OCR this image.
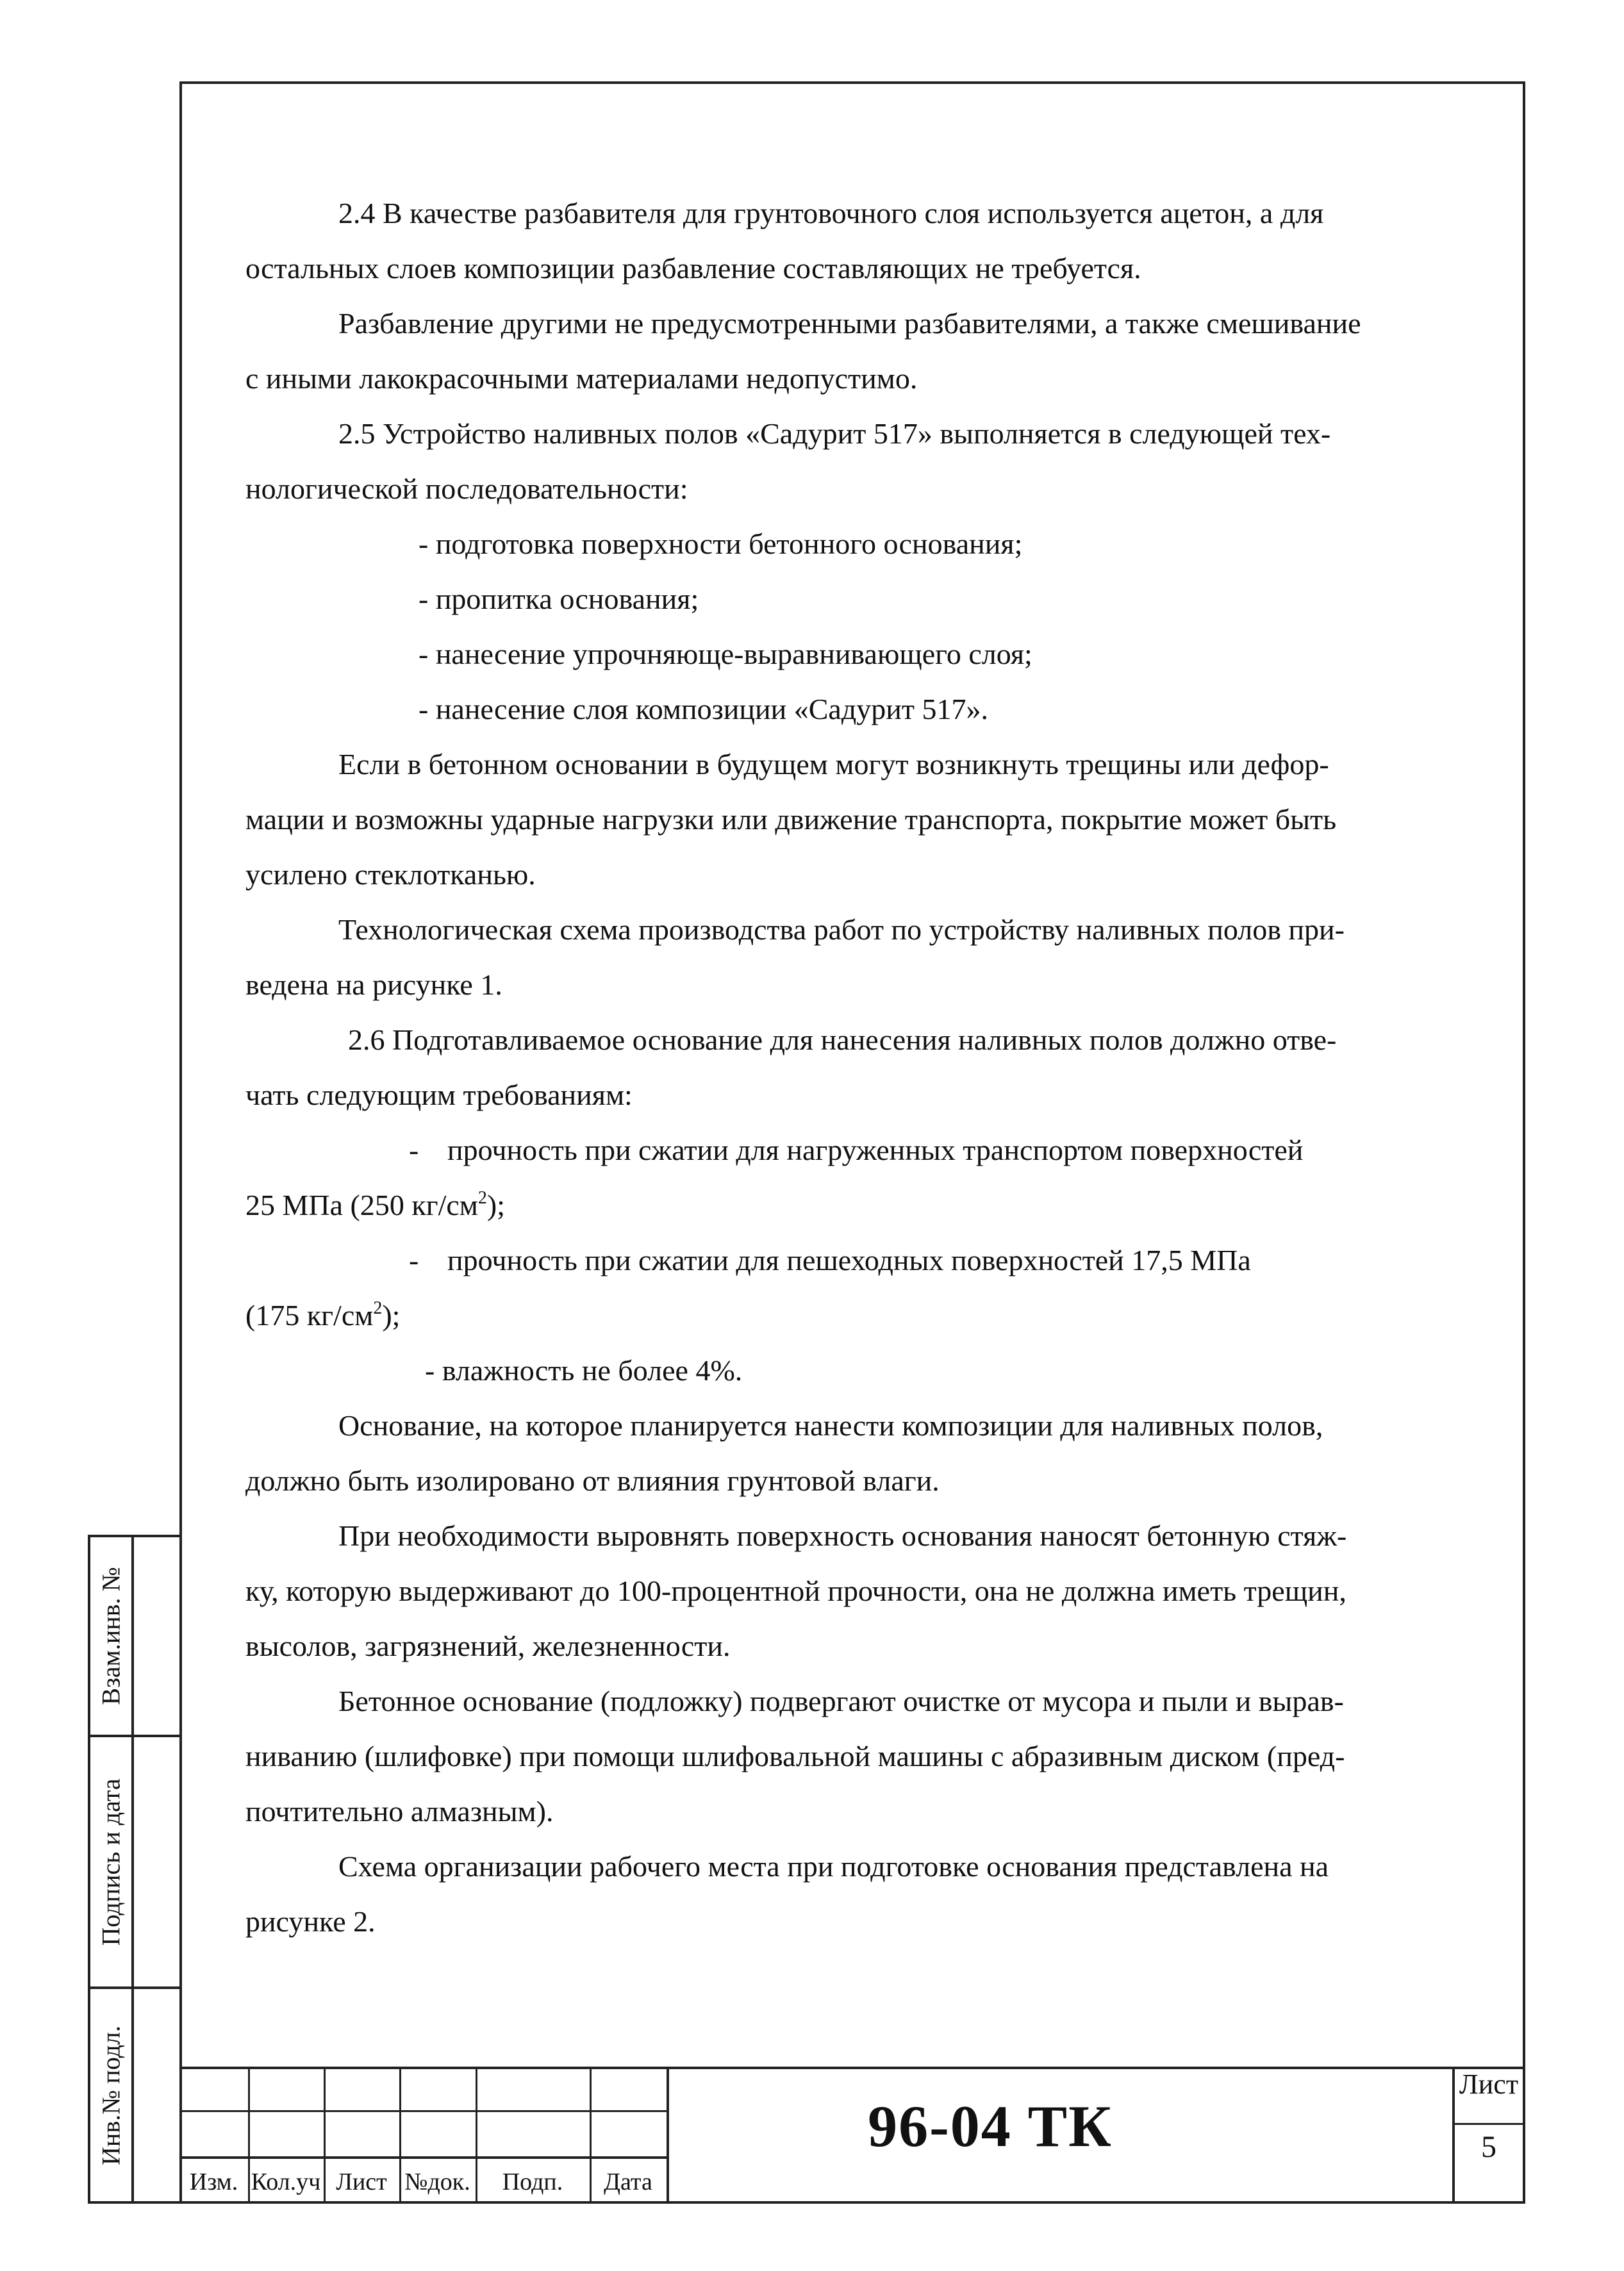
2.4 В качестве разбавителя для грунтовочного слоя используется ацетон, а для
остальных слоев композиции разбавление составляющих не требуется.

Разбавление другими не предусмотренными разбавителями, а также смешивание
с иными лакокрасочными материалами недопустимо.

2.5 Устройство наливных полов «Садурит 517» выполняется в следующей тех-
нологической последовательности:

- подготовка поверхности бетонного основания;

- пропитка основания;

- нанесение упрочняюще-выравнивающего слоя;

- нанесение слоя композиции «Садурит 517».

Если в бетонном основании в будущем могут возникнуть трещины или дефор-
мации и возможны ударные нагрузки или движение транспорта, покрытие может быть
усилено стеклотканью.

Технологическая схема производства работ по устройству наливных полов при-
ведена на рисунке 1.

2.6 Подготавливаемое основание для нанесения наливных полов должно отве-
чать следующим требованиям:

- прочность при сжатии для нагруженных транспортом поверхностей
25 МПа (250 $кг/см^2$);

- прочность при сжатии для пешеходных поверхностей 17,5 МПа
(175 $кг/см^2$);

- влажность не более 4%.

Основание, на которое планируется нанести композиции для наливных полов,
должно быть изолировано от влияния грунтовой влаги.

При необходимости выровнять поверхность основания наносят бетонную стяж-
ку, которую выдерживают до 100-процентной прочности, она не должна иметь трещин,
высолов, загрязнений, железненности.

Бетонное основание (подложку) подвергают очистке от мусора и пыли и вырав-
ниванию (шлифовке) при помощи шлифовальной машины с абразивным диском (пред-
почтительно алмазным).

Схема организации рабочего места при подготовке основания представлена на
рисунке 2.

Взам.инв. №
Подпись и дата
Инв.№ подл.
Изм. Кол.уч Лист №док.	Подп.	Дата
96-04 ТК
Лист
5
